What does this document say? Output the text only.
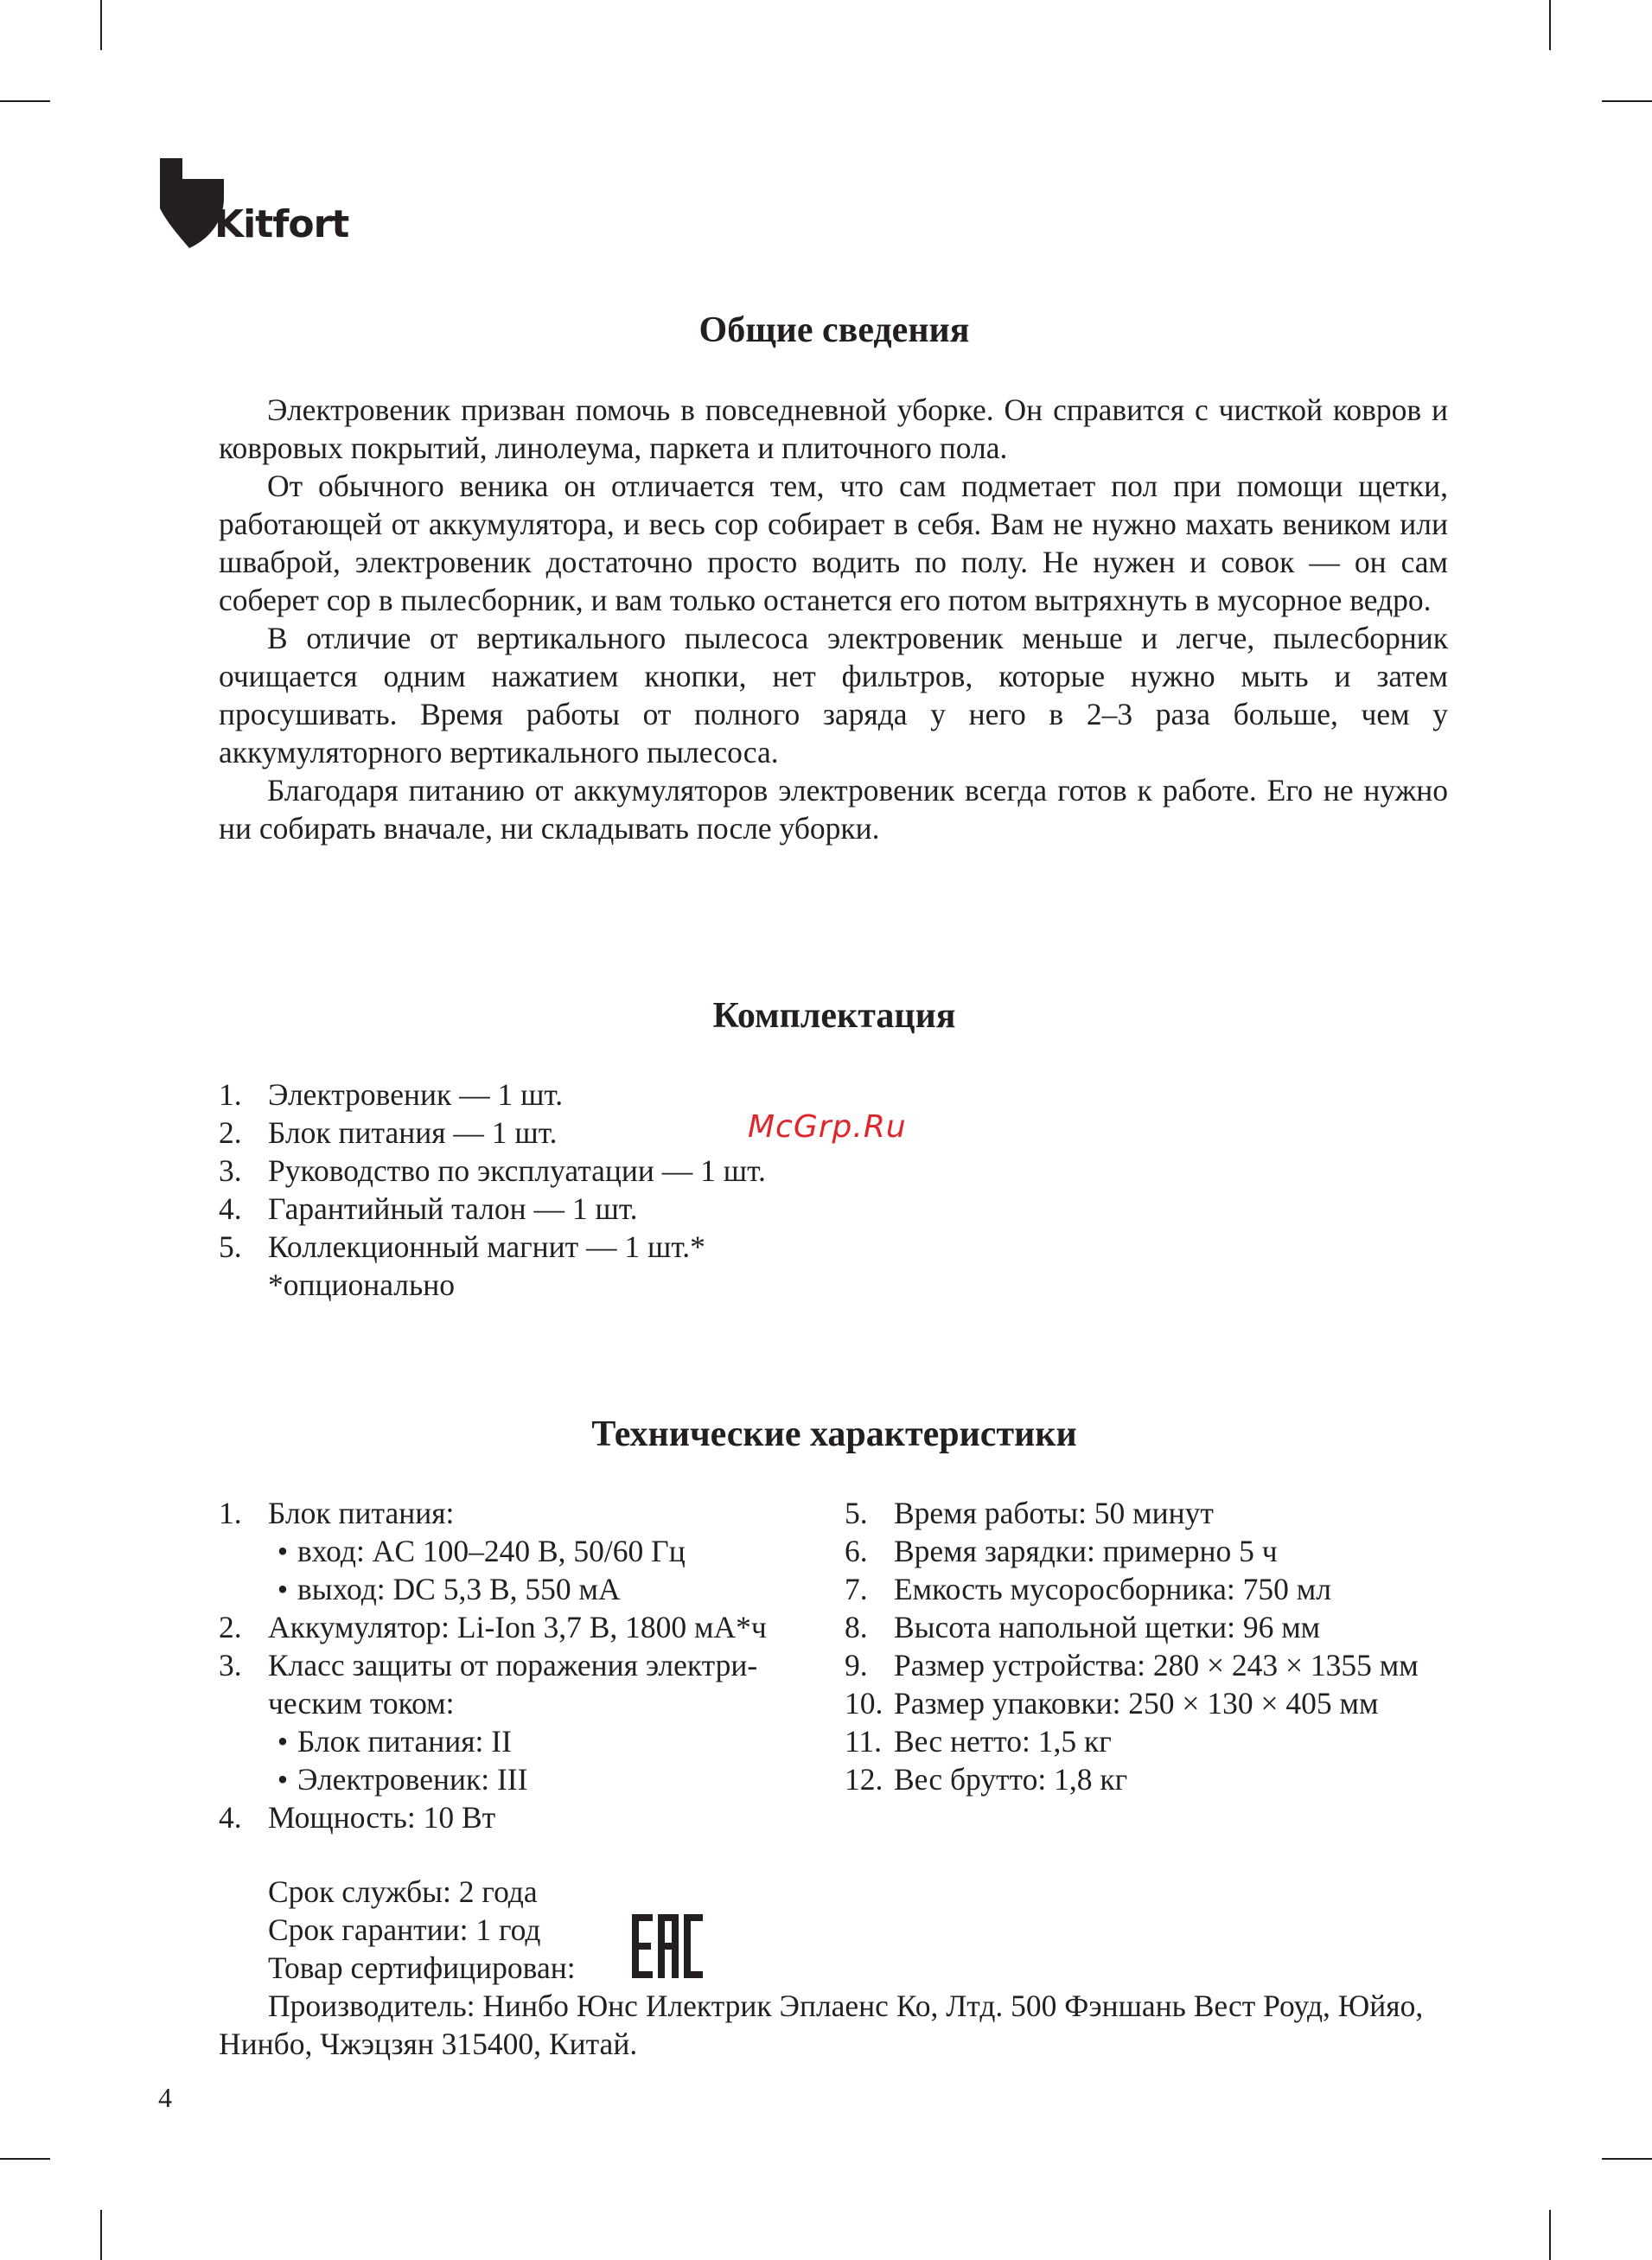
Kitfort
Общие сведения

Электровеник призван помочь в повседневной уборке. Он справится с чисткой ковров и ковровых покрытий, линолеума, паркета и плиточного пола.

От обычного веника он отличается тем, что сам подметает пол при помощи щетки, работающей от аккумулятора, и весь сор собирает в себя. Вам не нужно махать веником или шваброй, электровеник достаточно просто водить по полу. Не нужен и совок — он сам соберет сор в пылесборник, и вам только останется его потом вытряхнуть в мусорное ведро.

В отличие от вертикального пылесоса электровеник меньше и легче, пылесборник очищается одним нажатием кнопки, нет фильтров, которые нужно мыть и затем просушивать. Время работы от полного заряда у него в 2–3 раза больше, чем у аккумуляторного вертикального пылесоса.

Благодаря питанию от аккумуляторов электровеник всегда готов к работе. Его не нужно ни собирать вначале, ни складывать после уборки.

Комплектация
1. Электровеник — 1 шт.
2. Блок питания — 1 шт.
3. Руководство по эксплуатации — 1 шт.
4. Гарантийный талон — 1 шт.
5. Коллекционный магнит — 1 шт.*
*опционально
McGrp.Ru
Технические характеристики
1. Блок питания:
• вход: AC 100–240 В, 50/60 Гц
• выход: DC 5,3 В, 550 мА
2. Аккумулятор: Li-Ion 3,7 В, 1800 мА*ч
3. Класс защиты от поражения электри-
ческим током:
• Блок питания: II
• Электровеник: III
4. Мощность: 10 Вт
5. Время работы: 50 минут
6. Время зарядки: примерно 5 ч
7. Емкость мусоросборника: 750 мл
8. Высота напольной щетки: 96 мм
9. Размер устройства: 280 × 243 × 1355 мм
10. Размер упаковки: 250 × 130 × 405 мм
11. Вес нетто: 1,5 кг
12. Вес брутто: 1,8 кг
Срок службы: 2 года
Срок гарантии: 1 год
Товар сертифицирован:

Производитель: Нинбо Юнс Илектрик Эплаенс Ко, Лтд. 500 Фэншань Вест Роуд, Юйяо, Нинбо, Чжэцзян 315400, Китай.

4
